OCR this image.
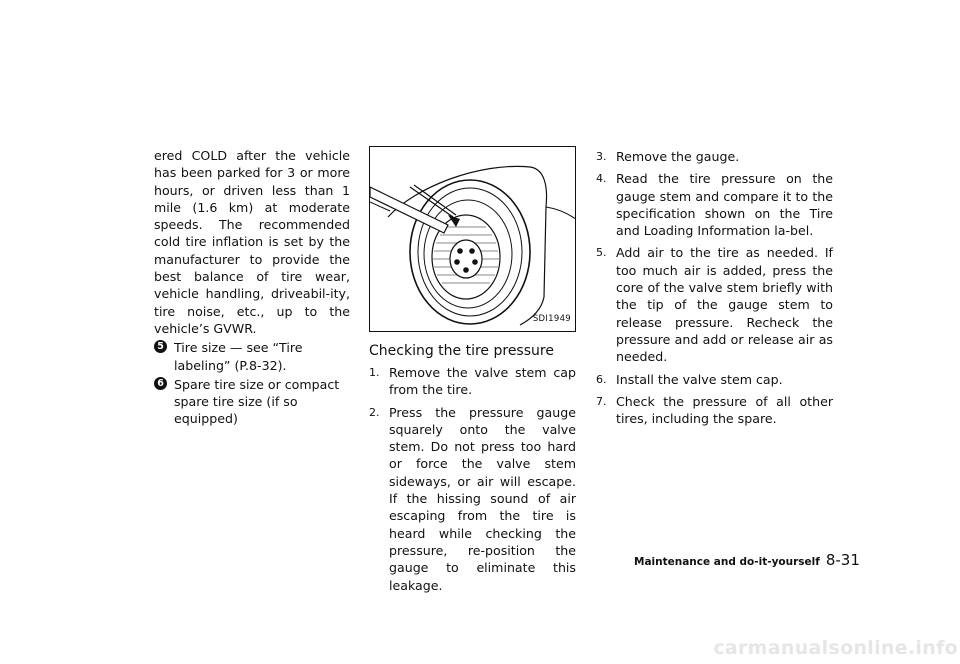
ered COLD after the vehicle has been parked for 3 or more hours, or driven less than 1 mile (1.6 km) at moderate speeds. The recommended cold tire inflation is set by the manufacturer to provide the best balance of tire wear, vehicle handling, driveabil-ity, tire noise, etc., up to the vehicle’s GVWR.

5 Tire size — see “Tire labeling” (P.8-32).
6 Spare tire size or compact spare tire size (if so equipped)
SDI1949
Checking the tire pressure
1. Remove the valve stem cap from the tire.
2. Press the pressure gauge squarely onto the valve stem. Do not press too hard or force the valve stem sideways, or air will escape. If the hissing sound of air escaping from the tire is heard while checking the pressure, re-position the gauge to eliminate this leakage.
3. Remove the gauge.
4. Read the tire pressure on the gauge stem and compare it to the specification shown on the Tire and Loading Information la-bel.
5. Add air to the tire as needed. If too much air is added, press the core of the valve stem briefly with the tip of the gauge stem to release pressure. Recheck the pressure and add or release air as needed.
6. Install the valve stem cap.
7. Check the pressure of all other tires, including the spare.
Maintenance and do-it-yourself 8-31
carmanualsonline.info
